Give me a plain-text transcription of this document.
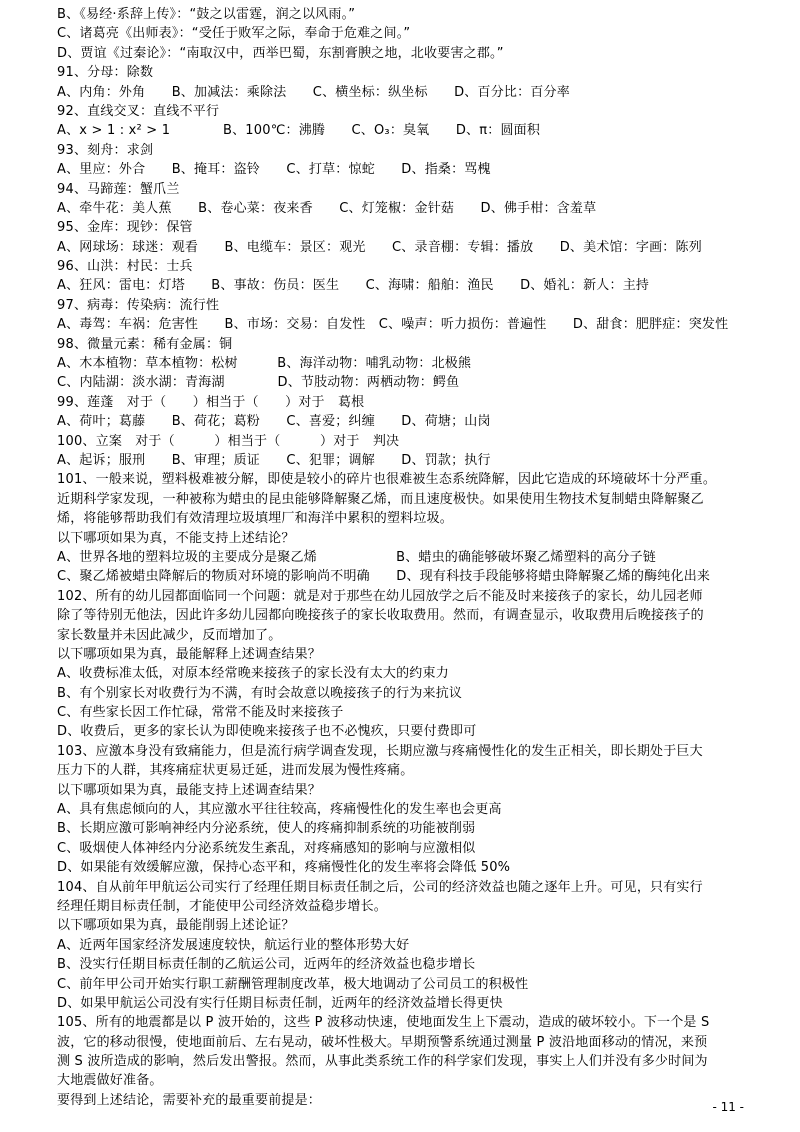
B、《易经·系辞上传》：“鼓之以雷霆，润之以风雨。”
C、诸葛亮《出师表》：“受任于败军之际，奉命于危难之间。”
D、贾谊《过秦论》：“南取汉中，西举巴蜀，东割膏腴之地，北收要害之郡。”
91、分母：除数
A、内角：外角　　B、加减法：乘除法　　C、横坐标：纵坐标　　D、百分比：百分率
92、直线交叉：直线不平行
A、x > 1 : x² > 1　　　　B、100℃：沸腾　　C、O₃：臭氧　　D、π：圆面积
93、刻舟：求剑
A、里应：外合　　B、掩耳：盗铃　　C、打草：惊蛇　　D、指桑：骂槐
94、马蹄莲：蟹爪兰
A、牵牛花：美人蕉　　B、卷心菜：夜来香　　C、灯笼椒：金针菇　　D、佛手柑：含羞草
95、金库：现钞：保管
A、网球场：球迷：观看　　B、电缆车：景区：观光　　C、录音棚：专辑：播放　　D、美术馆：字画：陈列
96、山洪：村民：士兵
A、狂风：雷电：灯塔　　B、事故：伤员：医生　　C、海啸：船舶：渔民　　D、婚礼：新人：主持
97、病毒：传染病：流行性
A、毒驾：车祸：危害性　　B、市场：交易：自发性　C、噪声：听力损伤：普遍性　　D、甜食：肥胖症：突发性
98、微量元素：稀有金属：铜
A、木本植物：草本植物：松树　　　B、海洋动物：哺乳动物：北极熊
C、内陆湖：淡水湖：青海湖　　　　D、节肢动物：两栖动物：鳄鱼
99、莲蓬　对于（　　）相当于（　　）对于　葛根
A、荷叶；葛藤　　B、荷花；葛粉　　C、喜爱；纠缠　　D、荷塘；山岗
100、立案　对于（　　　）相当于（　　　）对于　判决
A、起诉；服刑　　B、审理；质证　　C、犯罪；调解　　D、罚款；执行
101、一般来说，塑料极难被分解，即使是较小的碎片也很难被生态系统降解，因此它造成的环境破坏十分严重。
近期科学家发现，一种被称为蜡虫的昆虫能够降解聚乙烯，而且速度极快。如果使用生物技术复制蜡虫降解聚乙
烯，将能够帮助我们有效清理垃圾填埋厂和海洋中累积的塑料垃圾。
以下哪项如果为真，不能支持上述结论？
A、世界各地的塑料垃圾的主要成分是聚乙烯　　　　　　B、蜡虫的确能够破坏聚乙烯塑料的高分子链
C、聚乙烯被蜡虫降解后的物质对环境的影响尚不明确　　D、现有科技手段能够将蜡虫降解聚乙烯的酶纯化出来
102、所有的幼儿园都面临同一个问题：就是对于那些在幼儿园放学之后不能及时来接孩子的家长，幼儿园老师
除了等待别无他法，因此许多幼儿园都向晚接孩子的家长收取费用。然而，有调查显示，收取费用后晚接孩子的
家长数量并未因此减少，反而增加了。
以下哪项如果为真，最能解释上述调查结果？
A、收费标准太低，对原本经常晚来接孩子的家长没有太大的约束力
B、有个别家长对收费行为不满，有时会故意以晚接孩子的行为来抗议
C、有些家长因工作忙碌，常常不能及时来接孩子
D、收费后，更多的家长认为即使晚来接孩子也不必愧疚，只要付费即可
103、应激本身没有致痛能力，但是流行病学调查发现，长期应激与疼痛慢性化的发生正相关，即长期处于巨大
压力下的人群，其疼痛症状更易迁延，进而发展为慢性疼痛。
以下哪项如果为真，最能支持上述调查结果？
A、具有焦虑倾向的人，其应激水平往往较高，疼痛慢性化的发生率也会更高
B、长期应激可影响神经内分泌系统，使人的疼痛抑制系统的功能被削弱
C、吸烟使人体神经内分泌系统发生紊乱，对疼痛感知的影响与应激相似
D、如果能有效缓解应激，保持心态平和，疼痛慢性化的发生率将会降低 50%
104、自从前年甲航运公司实行了经理任期目标责任制之后，公司的经济效益也随之逐年上升。可见，只有实行
经理任期目标责任制，才能使甲公司经济效益稳步增长。
以下哪项如果为真，最能削弱上述论证？
A、近两年国家经济发展速度较快，航运行业的整体形势大好
B、没实行任期目标责任制的乙航运公司，近两年的经济效益也稳步增长
C、前年甲公司开始实行职工薪酬管理制度改革，极大地调动了公司员工的积极性
D、如果甲航运公司没有实行任期目标责任制，近两年的经济效益增长得更快
105、所有的地震都是以 P 波开始的，这些 P 波移动快速，使地面发生上下震动，造成的破坏较小。下一个是 S
波，它的移动很慢，使地面前后、左右晃动，破坏性极大。早期预警系统通过测量 P 波沿地面移动的情况，来预
测 S 波所造成的影响，然后发出警报。然而，从事此类系统工作的科学家们发现，事实上人们并没有多少时间为
大地震做好准备。
要得到上述结论，需要补充的最重要前提是：	- 11 -
